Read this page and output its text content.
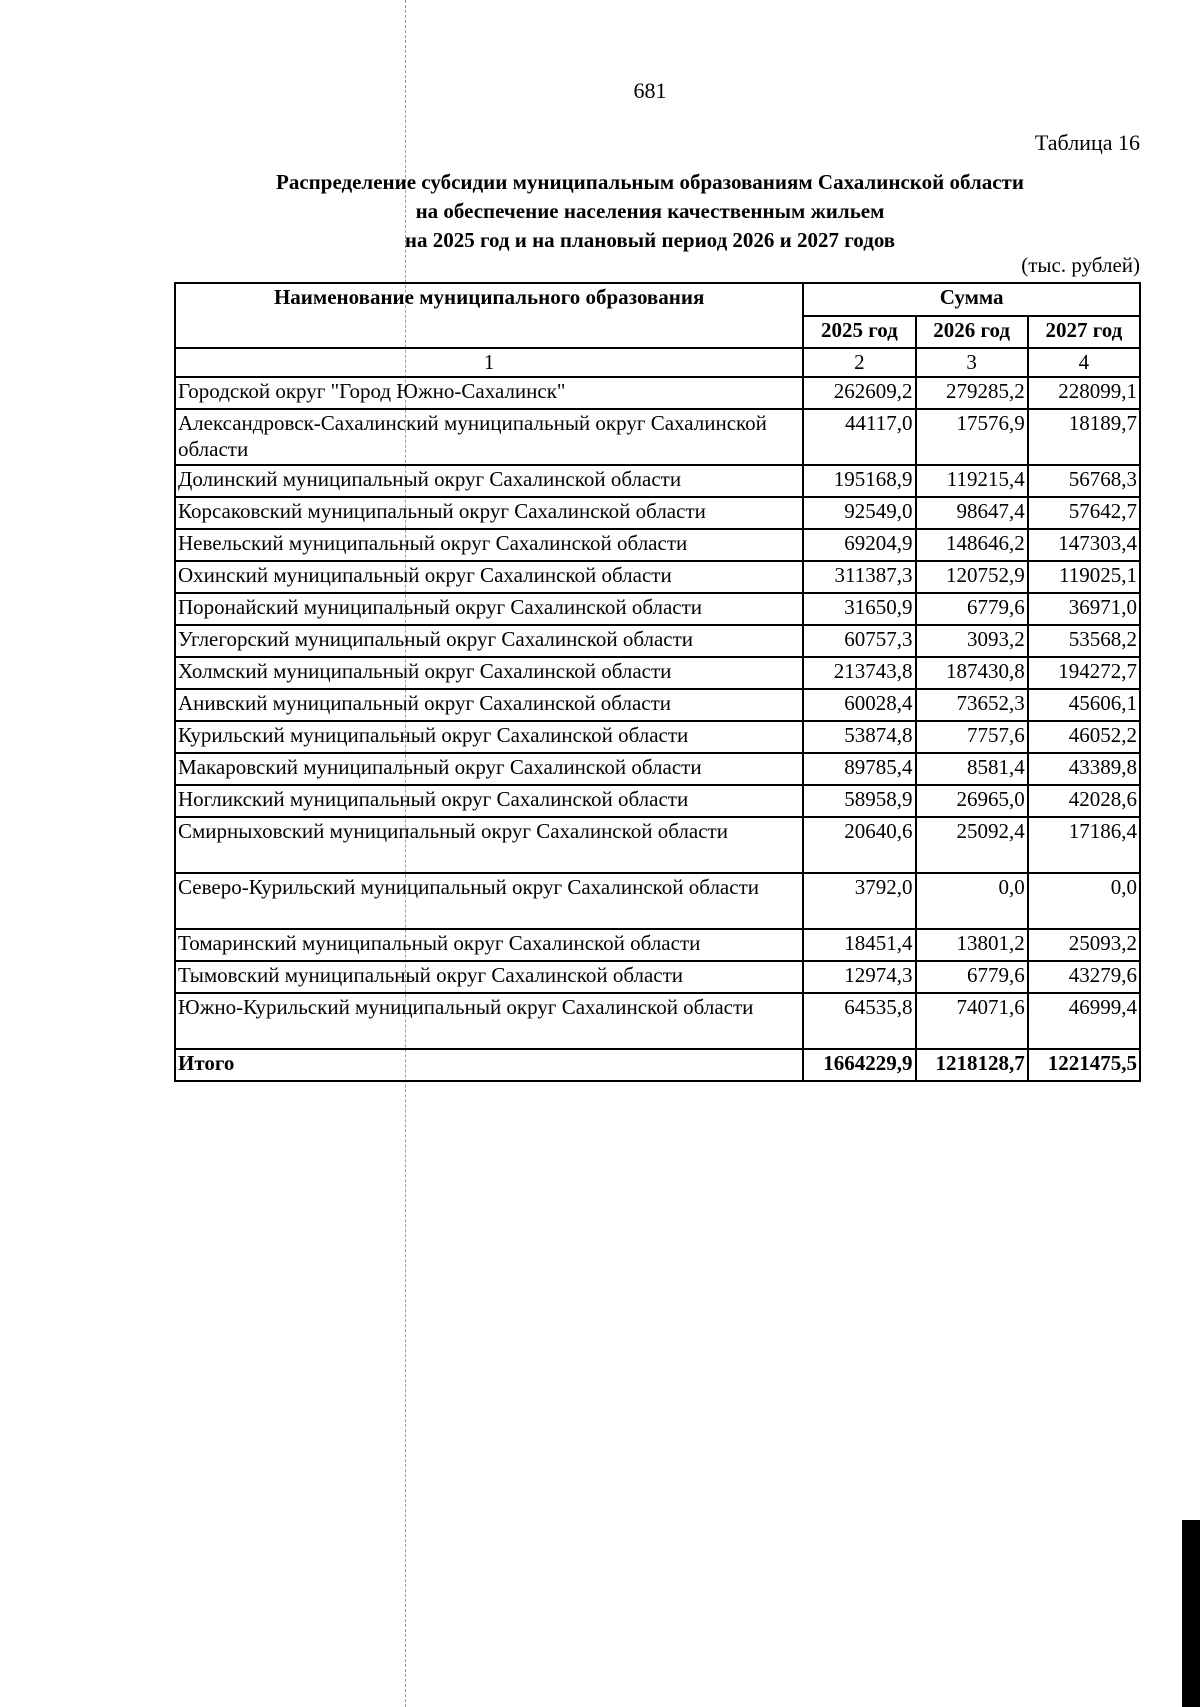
681
Таблица 16
Распределение субсидии муниципальным образованиям Сахалинской области
на обеспечение населения качественным жильем
на 2025 год и на плановый период 2026 и 2027 годов
(тыс. рублей)
Наименование муниципального образования	Сумма		
	2025 год	2026 год	2027 год
1	2	3	4
Городской округ "Город Южно-Сахалинск"	262609,2	279285,2	228099,1
Александровск-Сахалинский муниципальный округ Сахалинской области	44117,0	17576,9	18189,7
Долинский муниципальный округ Сахалинской области	195168,9	119215,4	56768,3
Корсаковский муниципальный округ Сахалинской области	92549,0	98647,4	57642,7
Невельский муниципальный округ Сахалинской области	69204,9	148646,2	147303,4
Охинский муниципальный округ Сахалинской области	311387,3	120752,9	119025,1
Поронайский муниципальный округ Сахалинской области	31650,9	6779,6	36971,0
Углегорский муниципальный округ Сахалинской области	60757,3	3093,2	53568,2
Холмский муниципальный округ Сахалинской области	213743,8	187430,8	194272,7
Анивский муниципальный округ Сахалинской области	60028,4	73652,3	45606,1
Курильский муниципальный округ Сахалинской области	53874,8	7757,6	46052,2
Макаровский муниципальный округ Сахалинской области	89785,4	8581,4	43389,8
Ногликский муниципальный округ Сахалинской области	58958,9	26965,0	42028,6
Смирныховский муниципальный округ Сахалинской области	20640,6	25092,4	17186,4
Северо-Курильский муниципальный округ Сахалинской области	3792,0	0,0	0,0
Томаринский муниципальный округ Сахалинской области	18451,4	13801,2	25093,2
Тымовский муниципальный округ Сахалинской области	12974,3	6779,6	43279,6
Южно-Курильский муниципальный округ Сахалинской области	64535,8	74071,6	46999,4
Итого	1664229,9	1218128,7	1221475,5
